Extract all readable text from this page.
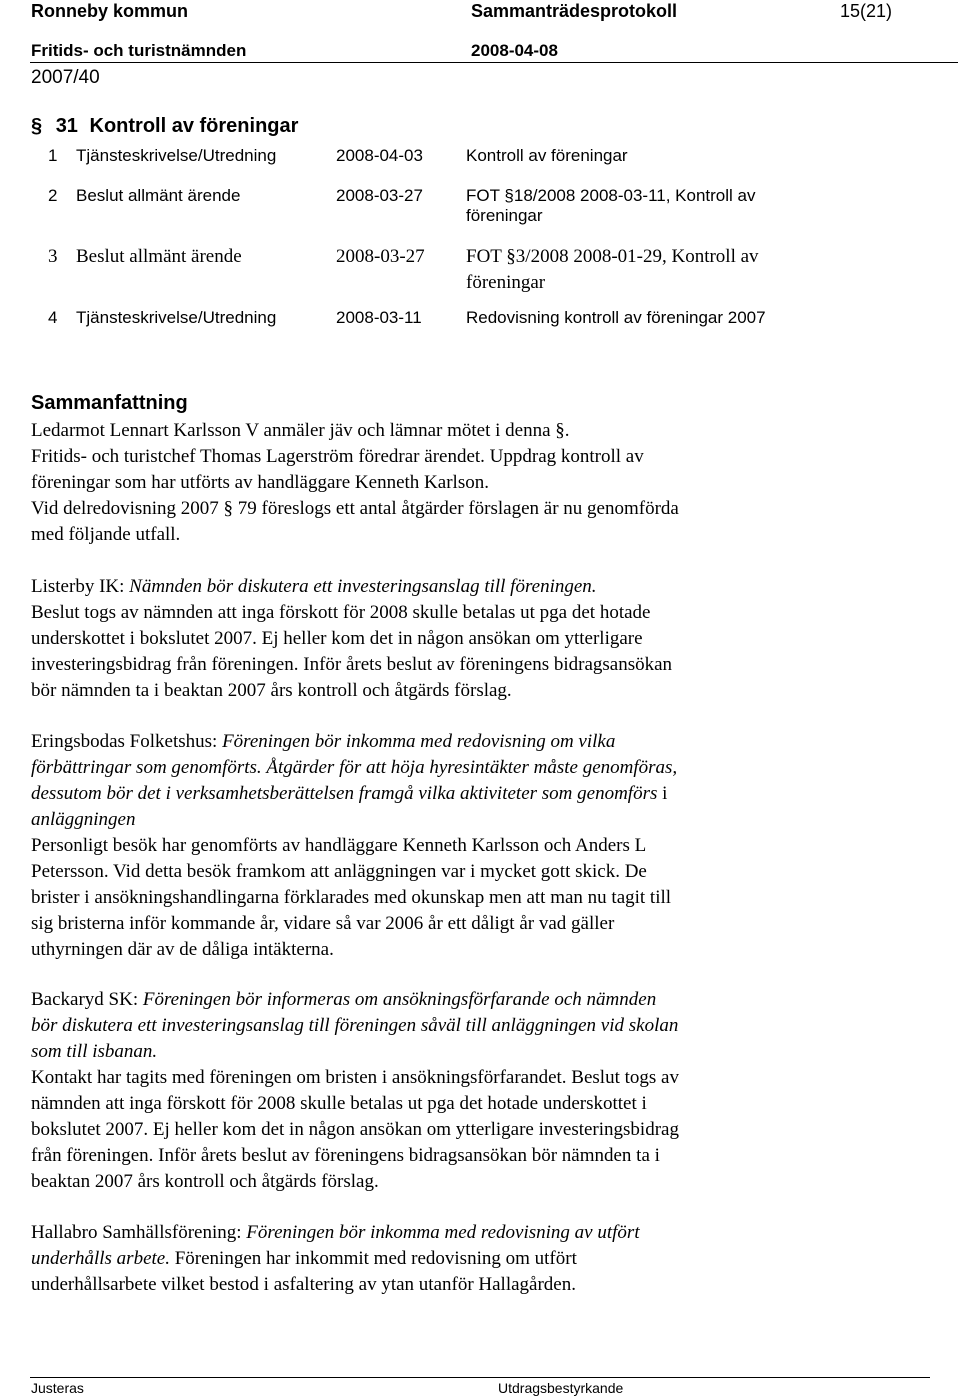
Ronneby kommun	Sammanträdesprotokoll	15(21)
Fritids- och turistnämnden	2008-04-08
2007/40
§ 31 Kontroll av föreningar
1 Tjänsteskrivelse/Utredning	2008-04-03	Kontroll av föreningar
2 Beslut allmänt ärende	2008-03-27	FOT §18/2008 2008-03-11, Kontroll av
föreningar
3 Beslut allmänt ärende	2008-03-27 FOT §3/2008 2008-01-29, Kontroll av
föreningar
4 Tjänsteskrivelse/Utredning	2008-03-11	Redovisning kontroll av föreningar 2007
Sammanfattning
Ledarmot Lennart Karlsson V anmäler jäv och lämnar mötet i denna §.
Fritids- och turistchef Thomas Lagerström föredrar ärendet. Uppdrag kontroll av
föreningar som har utförts av handläggare Kenneth Karlson.
Vid delredovisning 2007 § 79 föreslogs ett antal åtgärder förslagen är nu genomförda
med följande utfall.
Listerby IK: Nämnden bör diskutera ett investeringsanslag till föreningen.
Beslut togs av nämnden att inga förskott för 2008 skulle betalas ut pga det hotade
underskottet i bokslutet 2007. Ej heller kom det in någon ansökan om ytterligare
investeringsbidrag från föreningen. Inför årets beslut av föreningens bidragsansökan
bör nämnden ta i beaktan 2007 års kontroll och åtgärds förslag.
Eringsbodas Folketshus: Föreningen bör inkomma med redovisning om vilka
förbättringar som genomförts. Åtgärder för att höja hyresintäkter måste genomföras,
dessutom bör det i verksamhetsberättelsen framgå vilka aktiviteter som genomförs i
anläggningen
Personligt besök har genomförts av handläggare Kenneth Karlsson och Anders L
Petersson. Vid detta besök framkom att anläggningen var i mycket gott skick. De
brister i ansökningshandlingarna förklarades med okunskap men att man nu tagit till
sig bristerna inför kommande år, vidare så var 2006 år ett dåligt år vad gäller
uthyrningen där av de dåliga intäkterna.
Backaryd SK: Föreningen bör informeras om ansökningsförfarande och nämnden
bör diskutera ett investeringsanslag till föreningen såväl till anläggningen vid skolan
som till isbanan.
Kontakt har tagits med föreningen om bristen i ansökningsförfarandet. Beslut togs av
nämnden att inga förskott för 2008 skulle betalas ut pga det hotade underskottet i
bokslutet 2007. Ej heller kom det in någon ansökan om ytterligare investeringsbidrag
från föreningen. Inför årets beslut av föreningens bidragsansökan bör nämnden ta i
beaktan 2007 års kontroll och åtgärds förslag.
Hallabro Samhällsförening: Föreningen bör inkomma med redovisning av utfört
underhålls arbete. Föreningen har inkommit med redovisning om utfört
underhållsarbete vilket bestod i asfaltering av ytan utanför Hallagården.
Justeras	Utdragsbestyrkande
